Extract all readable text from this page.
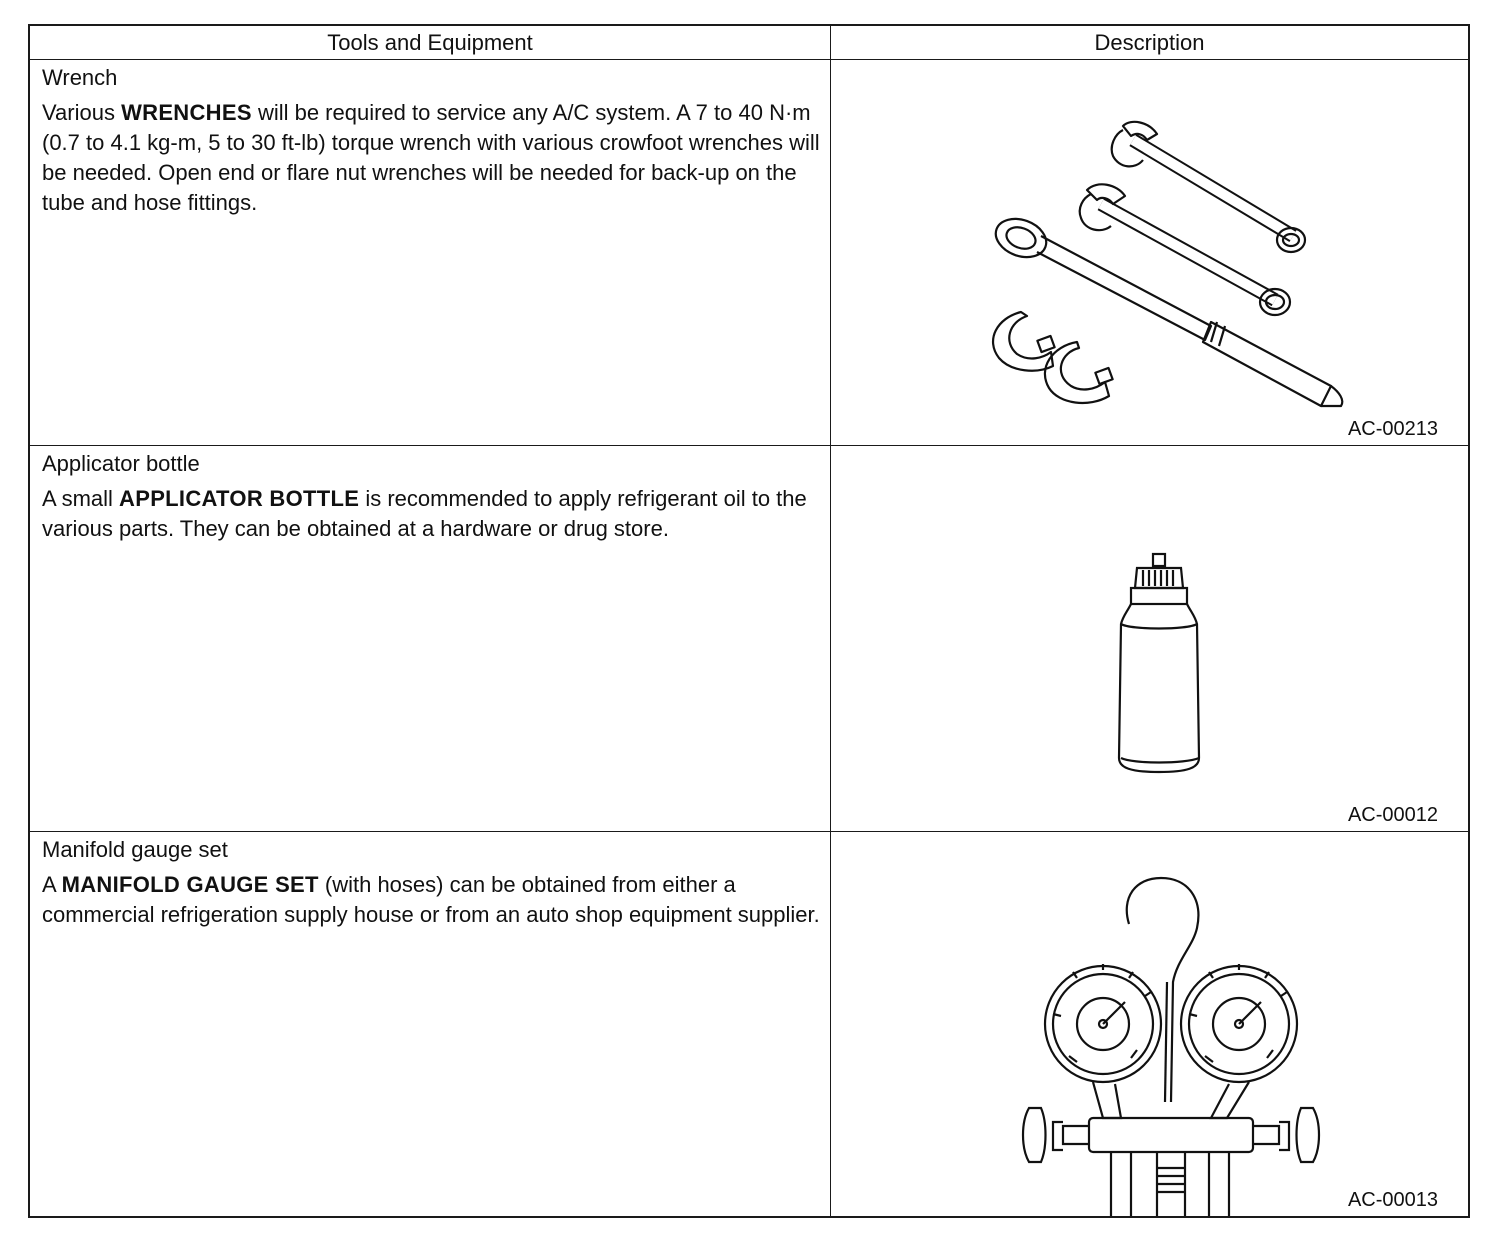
Tools and Equipment	Description

Wrench

Various WRENCHES will be required to service any A/C system. A 7 to 40 N·m (0.7 to 4.1 kg-m, 5 to 30 ft-lb) torque wrench with various crowfoot wrenches will be needed. Open end or flare nut wrenches will be needed for back-up on the tube and hose fittings.

AC-00213

Applicator bottle

A small APPLICATOR BOTTLE is recommended to apply refrigerant oil to the various parts. They can be obtained at a hardware or drug store.

AC-00012

Manifold gauge set

A MANIFOLD GAUGE SET (with hoses) can be obtained from either a commercial refrigeration supply house or from an auto shop equipment supplier.

AC-00013
